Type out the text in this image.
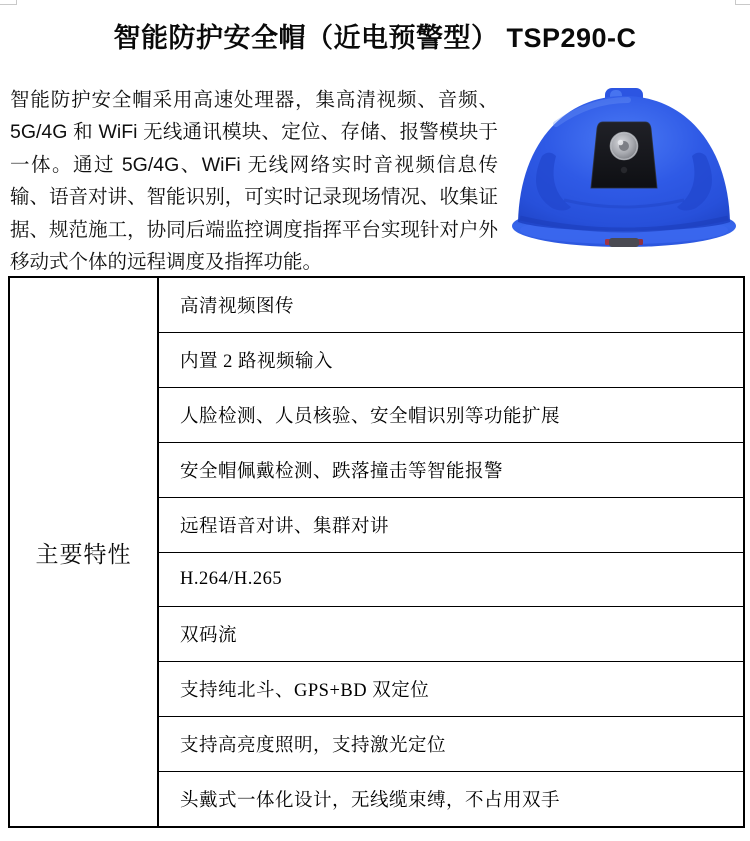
智能防护安全帽（近电预警型） TSP290-C
智能防护安全帽采用高速处理器，集高清视频、音频、5G/4G 和 WiFi 无线通讯模块、定位、存储、报警模块于一体。通过 5G/4G、WiFi 无线网络实时音视频信息传输、语音对讲、智能识别，可实时记录现场情况、收集证据、规范施工，协同后端监控调度指挥平台实现针对户外移动式个体的远程调度及指挥功能。
主要特性
高清视频图传
内置 2 路视频输入
人脸检测、人员核验、安全帽识别等功能扩展
安全帽佩戴检测、跌落撞击等智能报警
远程语音对讲、集群对讲
H.264/H.265
双码流
支持纯北斗、GPS+BD 双定位
支持高亮度照明，支持激光定位
头戴式一体化设计，无线缆束缚，不占用双手
